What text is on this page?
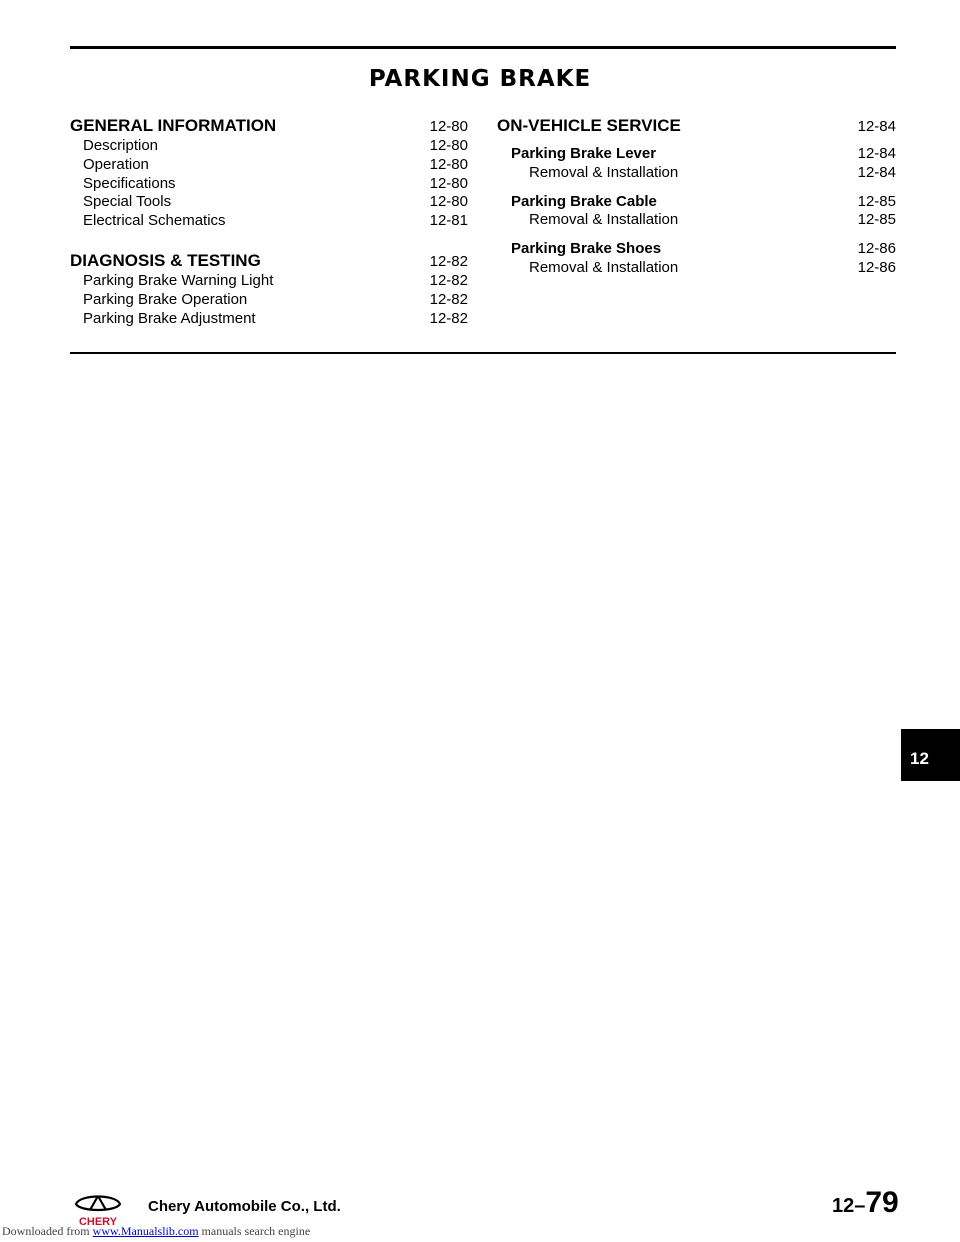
PARKING BRAKE
GENERAL INFORMATION	12-80
Description	12-80
Operation	12-80
Specifications	12-80
Special Tools	12-80
Electrical Schematics	12-81
DIAGNOSIS & TESTING	12-82
Parking Brake Warning Light	12-82
Parking Brake Operation	12-82
Parking Brake Adjustment	12-82
ON-VEHICLE SERVICE	12-84
Parking Brake Lever	12-84
Removal & Installation	12-84
Parking Brake Cable	12-85
Removal & Installation	12-85
Parking Brake Shoes	12-86
Removal & Installation	12-86
12
CHERY
Chery Automobile Co., Ltd.	12–79
Downloaded from www.Manualslib.com manuals search engine
